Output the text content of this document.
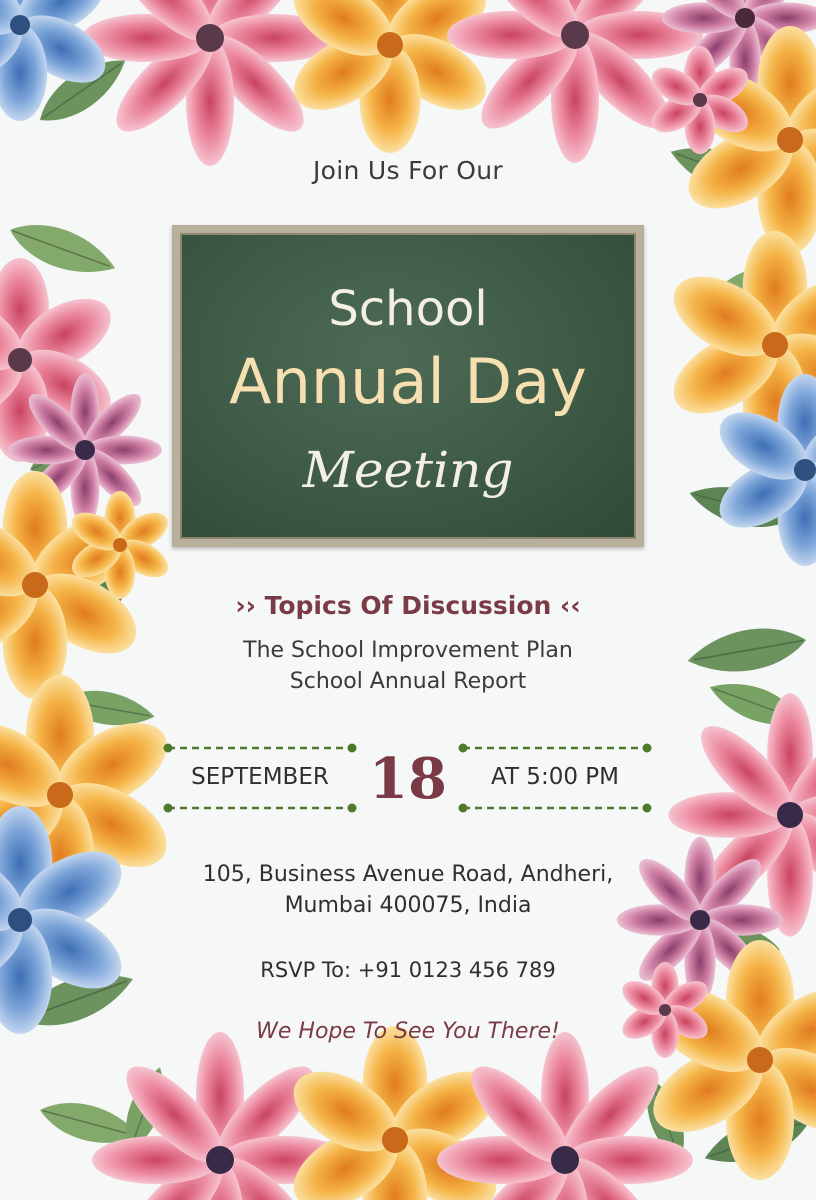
Join Us For Our
School
Annual Day
Meeting
›› Topics Of Discussion ‹‹
The School Improvement Plan
School Annual Report
SEPTEMBER 18	AT 5:00 PM
105, Business Avenue Road, Andheri,
Mumbai 400075, India
RSVP To: +91 0123 456 789
We Hope To See You There!
